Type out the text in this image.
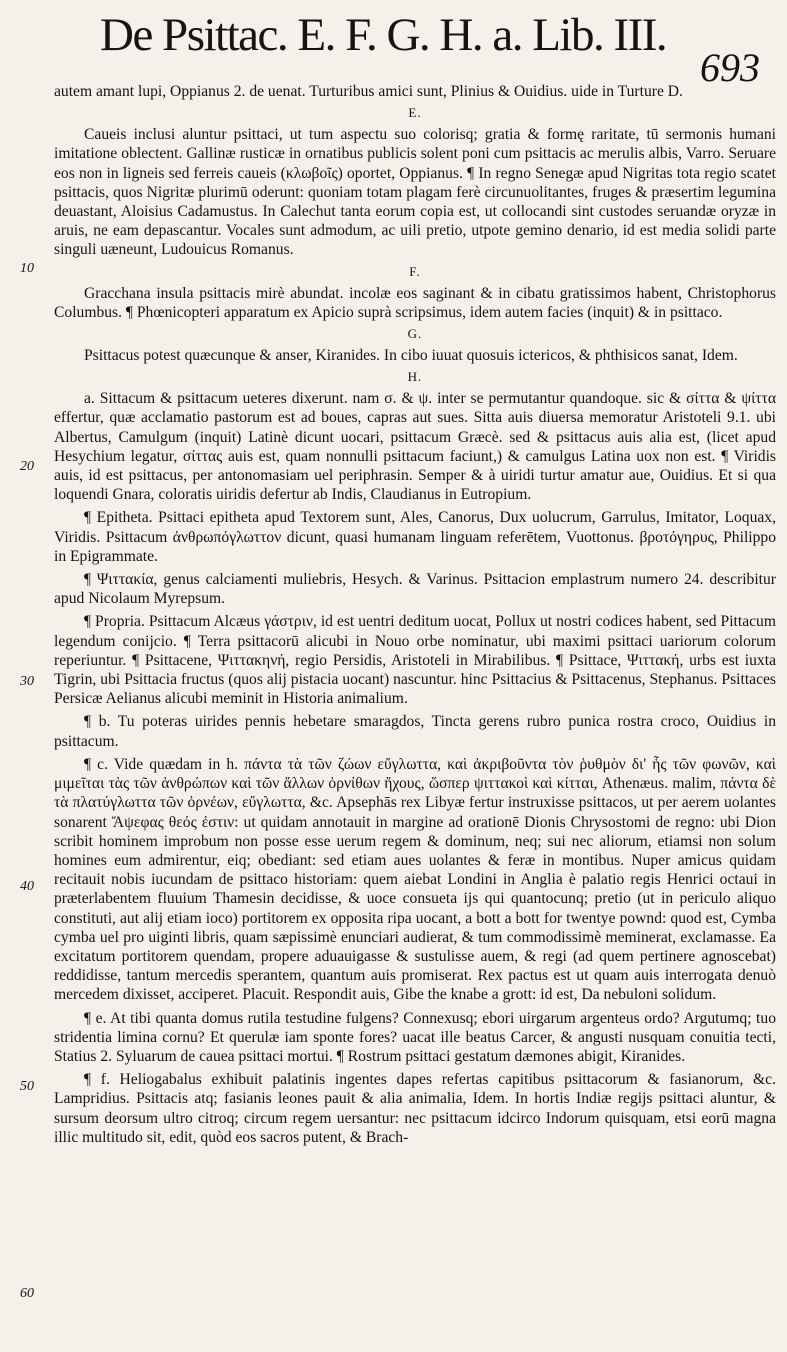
De Psittac. E. F. G. H. a. Lib. III.
693
10
20
30
40
50
60

autem amant lupi, Oppianus 2. de uenat. Turturibus amici sunt, Plinius & Ouidius. uide in Turture D.

E.

Caueis inclusi aluntur psittaci, ut tum aspectu suo colorisq; gratia & formę raritate, tū sermonis humani imitatione oblectent. Gallinæ rusticæ in ornatibus publicis solent poni cum psittacis ac merulis albis, Varro. Seruare eos non in ligneis sed ferreis caueis (κλωβοῖς) oportet, Oppianus. ¶ In regno Senegæ apud Nigritas tota regio scatet psittacis, quos Nigritæ plurimū oderunt: quoniam totam plagam ferè circunuolitantes, fruges & præsertim legumina deuastant, Aloisius Cadamustus. In Calechut tanta eorum copia est, ut collocandi sint custodes seruandæ oryzæ in aruis, ne eam depascantur. Vocales sunt admodum, ac uili pretio, utpote gemino denario, id est media solidi parte singuli uæneunt, Ludouicus Romanus.

F.

Gracchana insula psittacis mirè abundat. incolæ eos saginant & in cibatu gratissimos habent, Christophorus Columbus. ¶ Phœnicopteri apparatum ex Apicio suprà scripsimus, idem autem facies (inquit) & in psittaco.

G.

Psittacus potest quæcunque & anser, Kiranides. In cibo iuuat quosuis ictericos, & phthisicos sanat, Idem.

H.

a. Sittacum & psittacum ueteres dixerunt. nam σ. & ψ. inter se permutantur quandoque. sic & σίττα & ψίττα effertur, quæ acclamatio pastorum est ad boues, capras aut sues. Sitta auis diuersa memoratur Aristoteli 9.1. ubi Albertus, Camulgum (inquit) Latinè dicunt uocari, psittacum Græcè. sed & psittacus auis alia est, (licet apud Hesychium legatur, σίττας auis est, quam nonnulli psittacum faciunt,) & camulgus Latina uox non est. ¶ Viridis auis, id est psittacus, per antonomasiam uel periphrasin. Semper & à uiridi turtur amatur aue, Ouidius. Et si qua loquendi Gnara, coloratis uiridis defertur ab Indis, Claudianus in Eutropium.

¶ Epitheta. Psittaci epitheta apud Textorem sunt, Ales, Canorus, Dux uolucrum, Garrulus, Imitator, Loquax, Viridis. Psittacum ἀνθρωπόγλωττον dicunt, quasi humanam linguam referētem, Vuottonus. βροτόγηρυς, Philippo in Epigrammate.

¶ Ψιττακία, genus calciamenti muliebris, Hesych. & Varinus. Psittacion emplastrum numero 24. describitur apud Nicolaum Myrepsum.

¶ Propria. Psittacum Alcæus γάστριν, id est uentri deditum uocat, Pollux ut nostri codices habent, sed Pittacum legendum conijcio. ¶ Terra psittacorū alicubi in Nouo orbe nominatur, ubi maximi psittaci uariorum colorum reperiuntur. ¶ Psittacene, Ψιττακηνή, regio Persidis, Aristoteli in Mirabilibus. ¶ Psittace, Ψιττακή, urbs est iuxta Tigrin, ubi Psittacia fructus (quos alij pistacia uocant) nascuntur. hinc Psittacius & Psittacenus, Stephanus. Psittaces Persicæ Aelianus alicubi meminit in Historia animalium.

¶ b. Tu poteras uirides pennis hebetare smaragdos, Tincta gerens rubro punica rostra croco, Ouidius in psittacum.

¶ c. Vide quædam in h. πάντα τὰ τῶν ζώων εὔγλωττα, καὶ ἀκριβοῦντα τὸν ῥυθμὸν δι' ἧς τῶν φωνῶν, καὶ μιμεῖται τὰς τῶν ἀνθρώπων καὶ τῶν ἄλλων ὀρνίθων ἤχους, ὥσπερ ψιττακοὶ καὶ κίτται, Athenæus. malim, πάντα δὲ τὰ πλατύγλωττα τῶν ὀρνέων, εὔγλωττα, &c. Apsephās rex Libyæ fertur instruxisse psittacos, ut per aerem uolantes sonarent Ἄψεφας θεός ἐστιν: ut quidam annotauit in margine ad orationē Dionis Chrysostomi de regno: ubi Dion scribit hominem improbum non posse esse uerum regem & dominum, neq; sui nec aliorum, etiamsi non solum homines eum admirentur, eiq; obediant: sed etiam aues uolantes & feræ in montibus. Nuper amicus quidam recitauit nobis iucundam de psittaco historiam: quem aiebat Londini in Anglia è palatio regis Henrici octaui in præterlabentem fluuium Thamesin decidisse, & uoce consueta ijs qui quantocunq; pretio (ut in periculo aliquo constituti, aut alij etiam ioco) portitorem ex opposita ripa uocant, a bott a bott for twentye pownd: quod est, Cymba cymba uel pro uiginti libris, quam sæpissimè enunciari audierat, & tum commodissimè meminerat, exclamasse. Ea excitatum portitorem quendam, propere aduauigasse & sustulisse auem, & regi (ad quem pertinere agnoscebat) reddidisse, tantum mercedis sperantem, quantum auis promiserat. Rex pactus est ut quam auis interrogata denuò mercedem dixisset, acciperet. Placuit. Respondit auis, Gibe the knabe a grott: id est, Da nebuloni solidum.

¶ e. At tibi quanta domus rutila testudine fulgens? Connexusq; ebori uirgarum argenteus ordo? Argutumq; tuo stridentia limina cornu? Et querulæ iam sponte fores? uacat ille beatus Carcer, & angusti nusquam conuitia tecti, Statius 2. Syluarum de cauea psittaci mortui. ¶ Rostrum psittaci gestatum dæmones abigit, Kiranides.

¶ f. Heliogabalus exhibuit palatinis ingentes dapes refertas capitibus psittacorum & fasianorum, &c. Lampridius. Psittacis atq; fasianis leones pauit & alia animalia, Idem. In hortis Indiæ regijs psittaci aluntur, & sursum deorsum ultro citroq; circum regem uersantur: nec psittacum idcirco Indorum quisquam, etsi eorū magna illic multitudo sit, edit, quòd eos sacros putent, & Brach-
